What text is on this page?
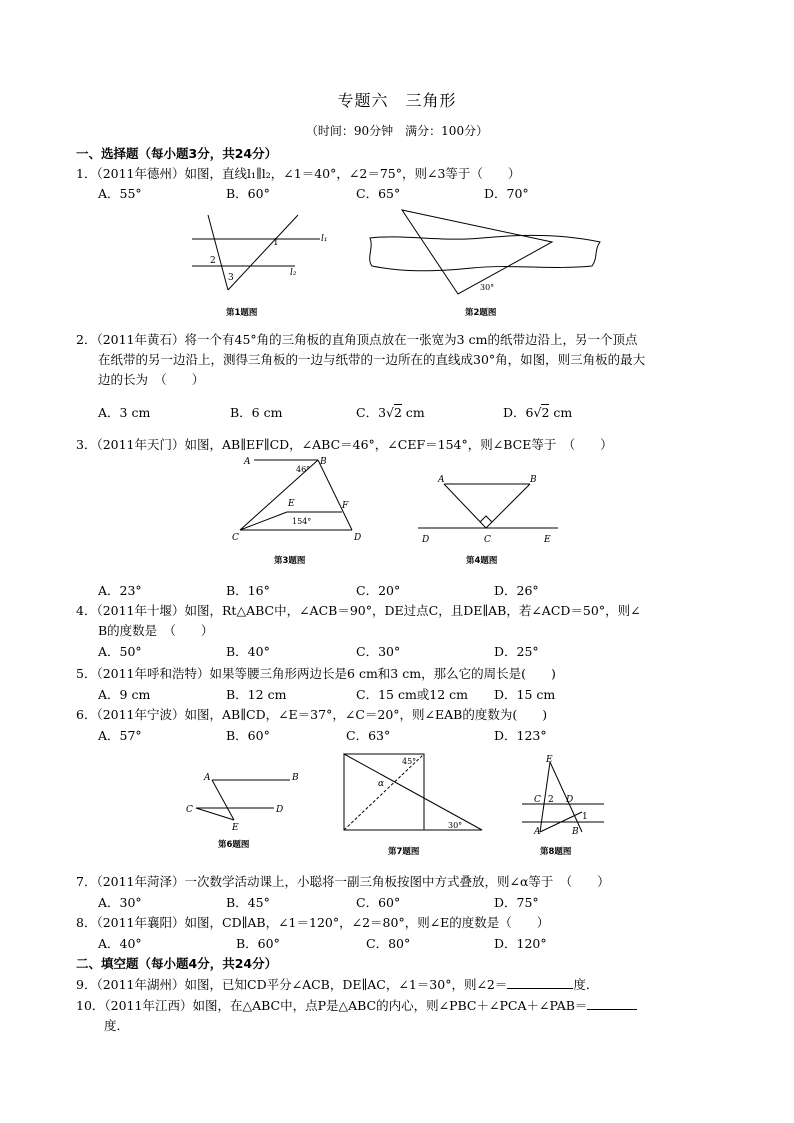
专题六　三角形
（时间：90分钟　满分：100分）
一、选择题（每小题3分，共24分）
1．（2011年德州）如图，直线l₁∥l₂，∠1＝40°，∠2＝75°，则∠3等于（　　）
A．55°	B．60°	C．65°	D．70°
l₁
l₂
1
2
3
第1题图
30°
第2题图
2．（2011年黄石）将一个有45°角的三角板的直角顶点放在一张宽为3 cm的纸带边沿上，另一个顶点
在纸带的另一边沿上，测得三角板的一边与纸带的一边所在的直线成30°角，如图，则三角板的最大
边的长为　（　　）
A．3 cm	B．6 cm	C．3√2 cm	D．6√2 cm
3．（2011年天门）如图，AB∥EF∥CD，∠ABC＝46°，∠CEF＝154°，则∠BCE等于　（　　）
A	B
C	D
E	F
46°
154°
第3题图
A	B
C
D	E
第4题图
A．23°	B．16°	C．20°	D．26°
4．（2011年十堰）如图，Rt△ABC中，∠ACB＝90°，DE过点C，且DE∥AB，若∠ACD＝50°，则∠
B的度数是　（　　）
A．50°	B．40°	C．30°	D．25°
5．（2011年呼和浩特）如果等腰三角形两边长是6 cm和3 cm，那么它的周长是(　　)
A．9 cm	B．12 cm	C．15 cm或12 cm D．15 cm
6．（2011年宁波）如图，AB∥CD，∠E＝37°，∠C＝20°，则∠EAB的度数为(　　)
A．57°	B．60°	C．63°	D．123°
A	B
C	D
E
第6题图
45°
α
30°
第7题图
E
C	D
A	B
2
1
第8题图
7．（2011年菏泽）一次数学活动课上，小聪将一副三角板按图中方式叠放，则∠α等于　（　　）
A．30°	B．45°	C．60°	D．75°
8．（2011年襄阳）如图，CD∥AB，∠1＝120°，∠2＝80°，则∠E的度数是（　　）
A．40°	B．60°	C．80°	D．120°
二、填空题（每小题4分，共24分）
9．（2011年湖州）如图，已知CD平分∠ACB，DE∥AC，∠1＝30°，则∠2＝	度．
10．（2011年江西）如图，在△ABC中，点P是△ABC的内心，则∠PBC＋∠PCA＋∠PAB＝
度．
